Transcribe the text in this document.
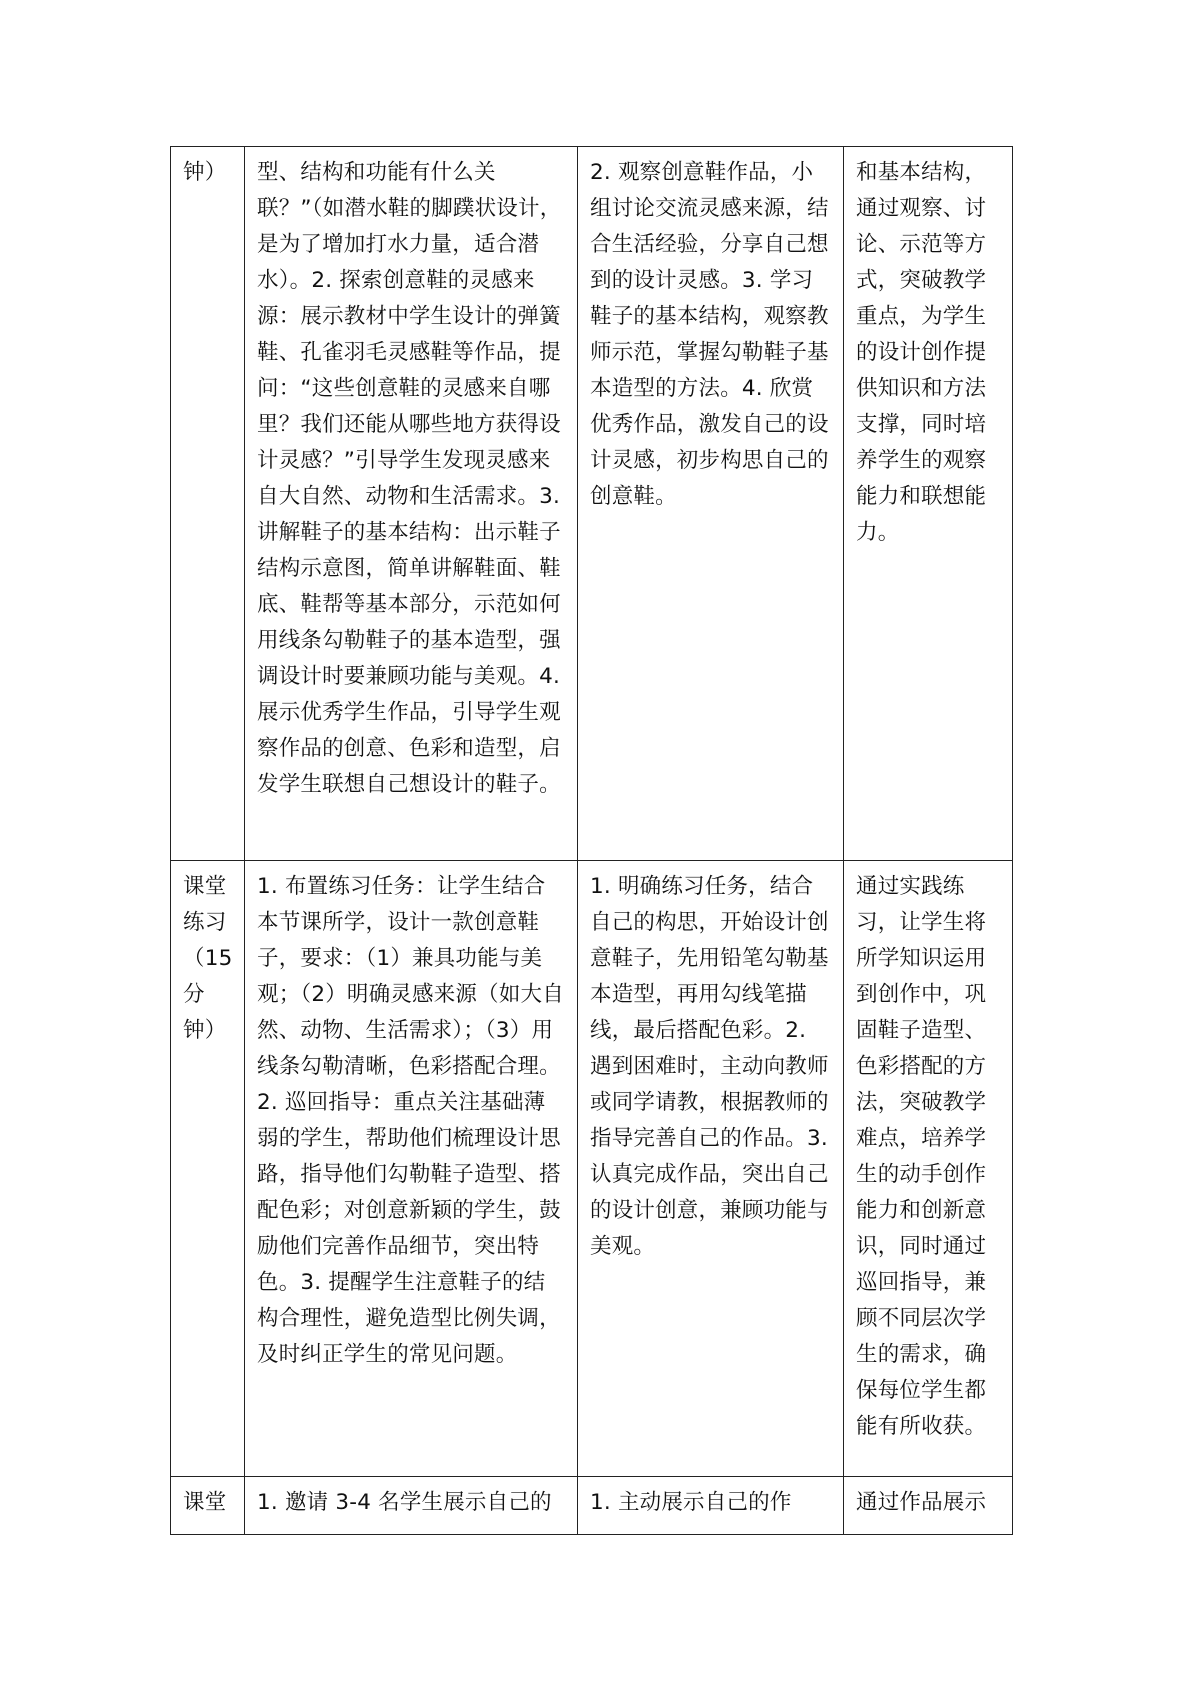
钟）	型、结构和功能有什么关联？”（如潜水鞋的脚蹼状设计，是为了增加打水力量，适合潜水）。2. 探索创意鞋的灵感来源：展示教材中学生设计的弹簧鞋、孔雀羽毛灵感鞋等作品，提问：“这些创意鞋的灵感来自哪里？我们还能从哪些地方获得设计灵感？”引导学生发现灵感来自大自然、动物和生活需求。3. 讲解鞋子的基本结构：出示鞋子结构示意图，简单讲解鞋面、鞋底、鞋帮等基本部分，示范如何用线条勾勒鞋子的基本造型，强调设计时要兼顾功能与美观。4. 展示优秀学生作品，引导学生观察作品的创意、色彩和造型，启发学生联想自己想设计的鞋子。	2. 观察创意鞋作品，小组讨论交流灵感来源，结合生活经验，分享自己想到的设计灵感。3. 学习鞋子的基本结构，观察教师示范，掌握勾勒鞋子基本造型的方法。4. 欣赏优秀作品，激发自己的设计灵感，初步构思自己的创意鞋。	和基本结构，通过观察、讨论、示范等方式，突破教学重点，为学生的设计创作提供知识和方法支撑，同时培养学生的观察能力和联想能力。

课堂练习（15分钟）	1. 布置练习任务：让学生结合本节课所学，设计一款创意鞋子，要求：（1）兼具功能与美观；（2）明确灵感来源（如大自然、动物、生活需求）；（3）用线条勾勒清晰，色彩搭配合理。2. 巡回指导：重点关注基础薄弱的学生，帮助他们梳理设计思路，指导他们勾勒鞋子造型、搭配色彩；对创意新颖的学生，鼓励他们完善作品细节，突出特色。3. 提醒学生注意鞋子的结构合理性，避免造型比例失调，及时纠正学生的常见问题。	1. 明确练习任务，结合自己的构思，开始设计创意鞋子，先用铅笔勾勒基本造型，再用勾线笔描线，最后搭配色彩。2. 遇到困难时，主动向教师或同学请教，根据教师的指导完善自己的作品。3. 认真完成作品，突出自己的设计创意，兼顾功能与美观。	通过实践练习，让学生将所学知识运用到创作中，巩固鞋子造型、色彩搭配的方法，突破教学难点，培养学生的动手创作能力和创新意识，同时通过巡回指导，兼顾不同层次学生的需求，确保每位学生都能有所收获。

课堂	1. 邀请 3-4 名学生展示自己的	1. 主动展示自己的作	通过作品展示
